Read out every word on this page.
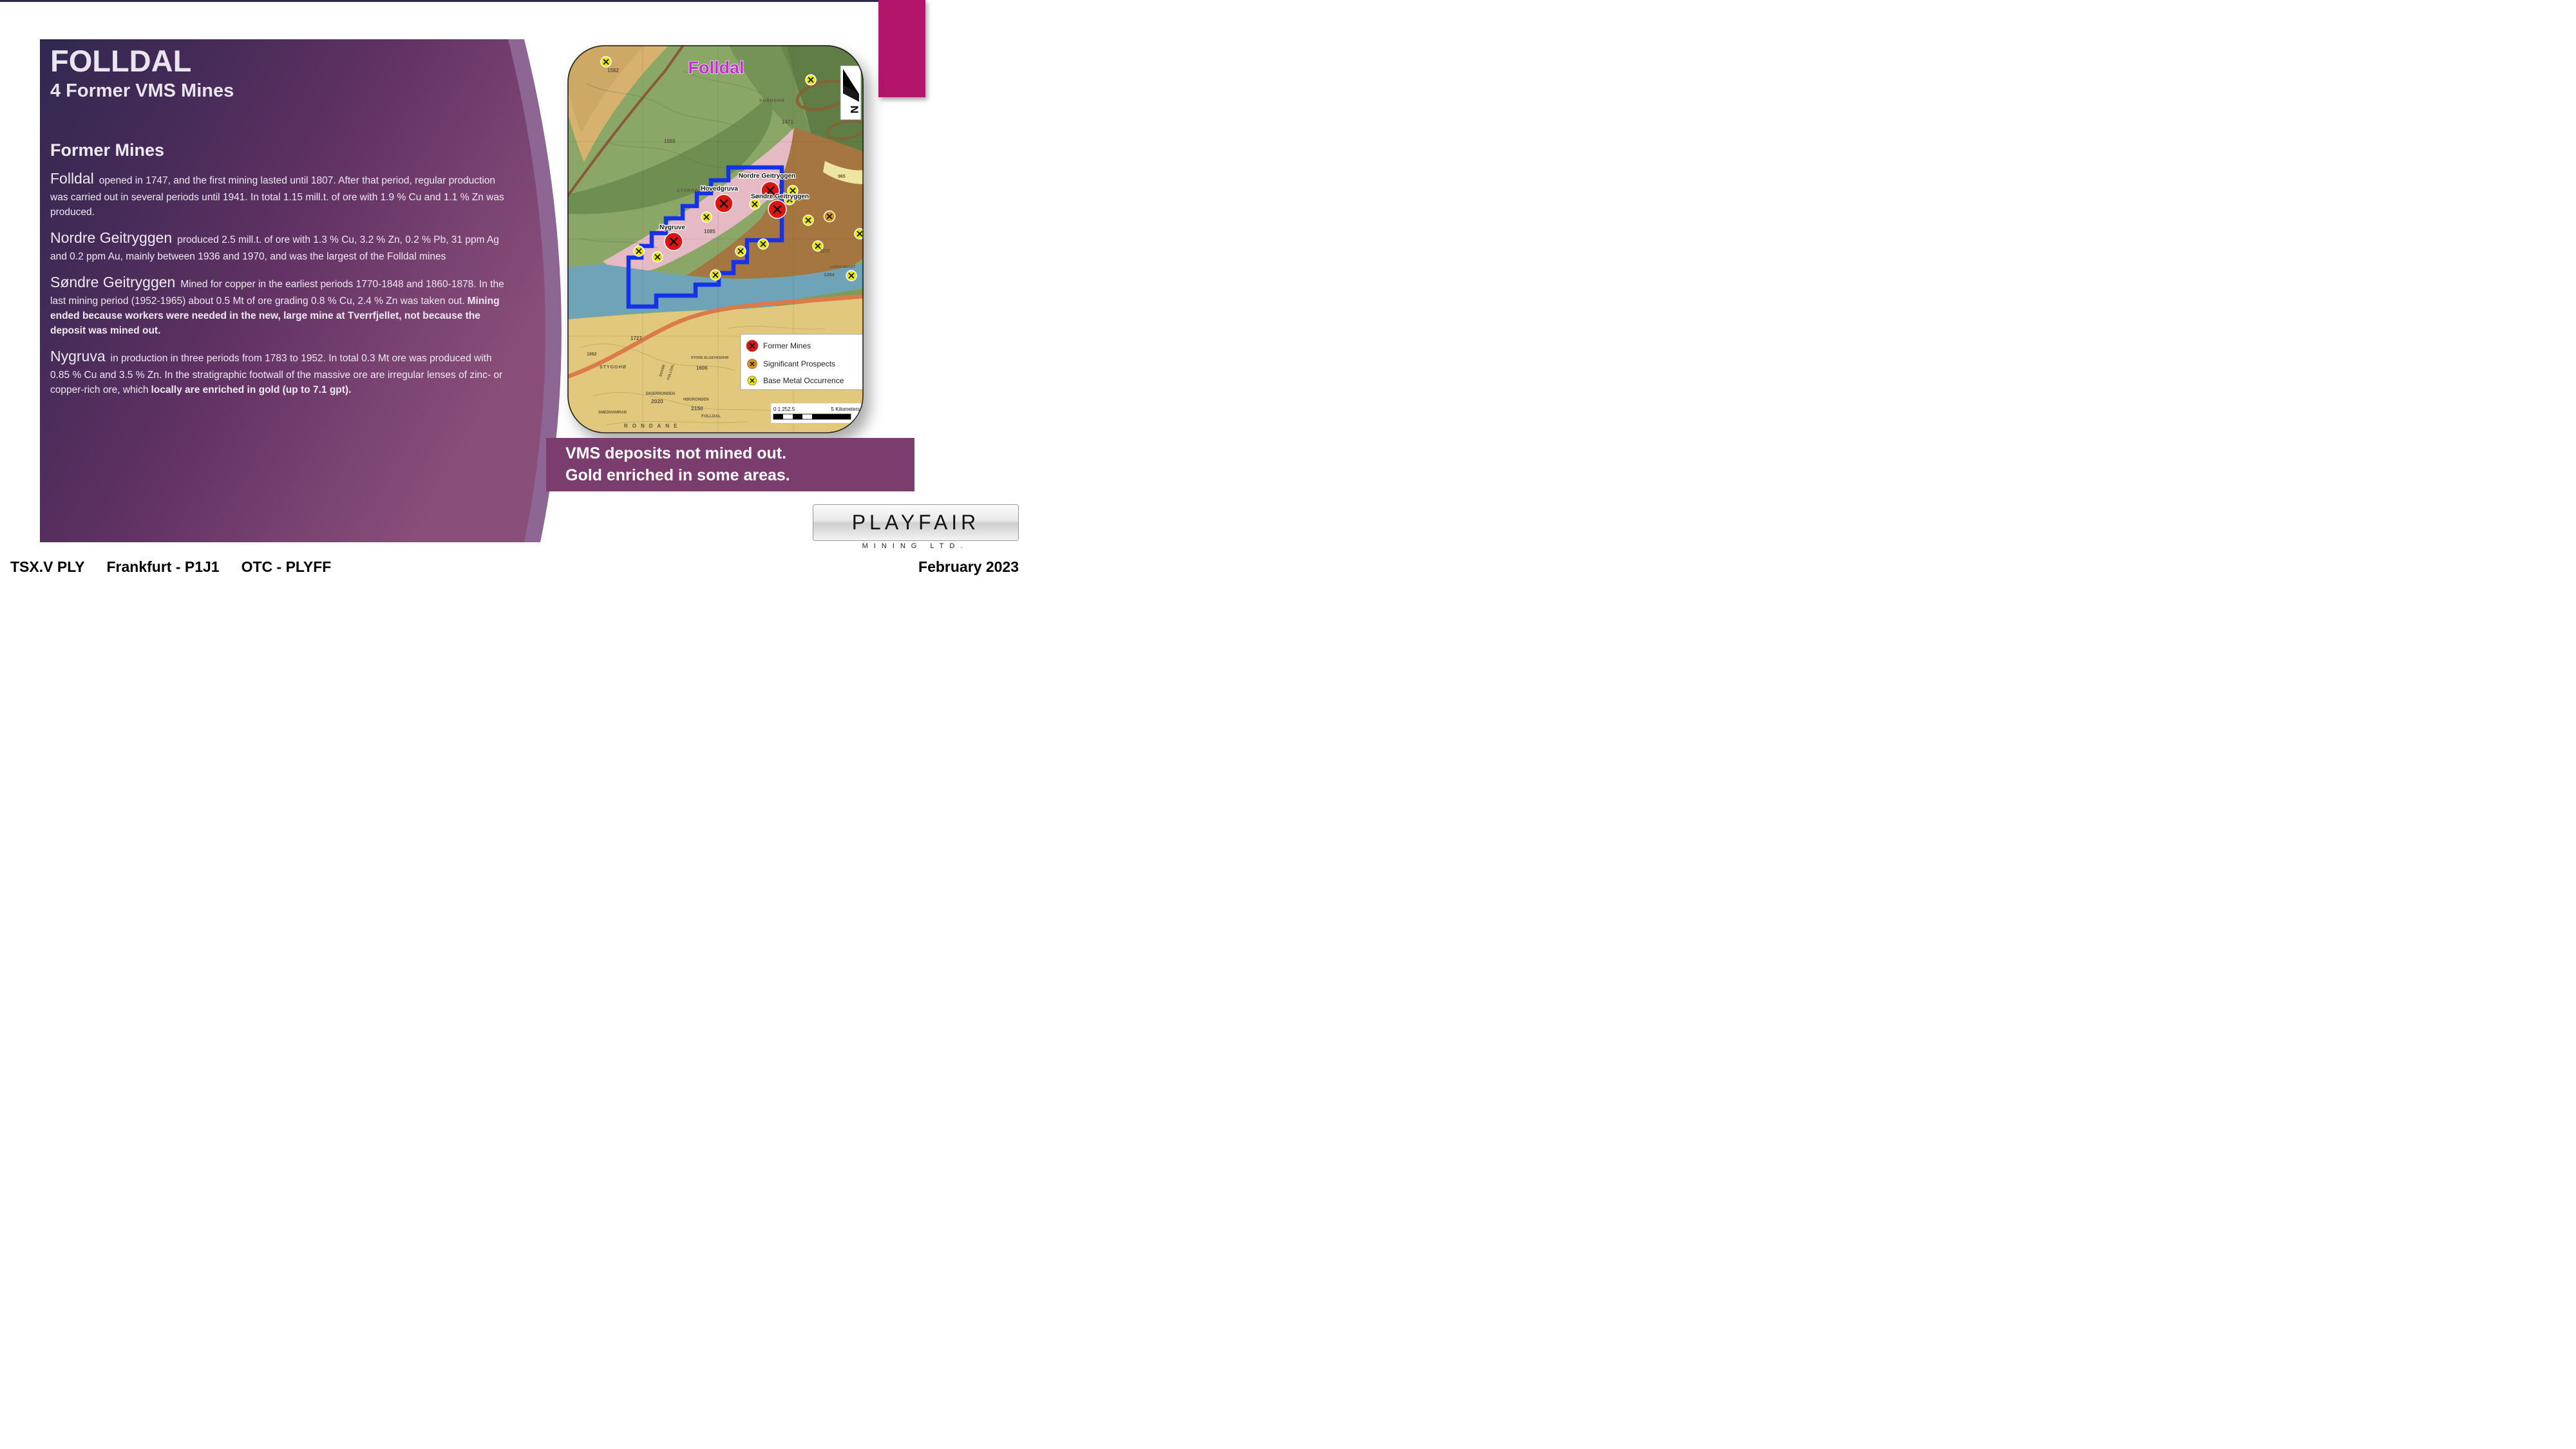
FOLLDAL
4 Former VMS Mines
Former Mines

Folldal opened in 1747, and the first mining lasted until 1807. After that period, regular production was carried out in several periods until 1941. In total 1.15 mill.t. of ore with 1.9 % Cu and 1.1 % Zn was produced.

Nordre Geitryggen produced 2.5 mill.t. of ore with 1.3 % Cu, 3.2 % Zn, 0.2 % Pb, 31 ppm Ag and 0.2 ppm Au, mainly between 1936 and 1970, and was the largest of the Folldal mines

Søndre Geitryggen Mined for copper in the earliest periods 1770-1848 and 1860-1878. In the last mining period (1952-1965) about 0.5 Mt of ore grading 0.8 % Cu, 2.4 % Zn was taken out. Mining ended because workers were needed in the new, large mine at Tverrfjellet, not because the deposit was mined out.

Nygruva in production in three periods from 1783 to 1952. In total 0.3 Mt ore was produced with 0.85 % Cu and 3.5 % Zn. In the stratigraphic footwall of the massive ore are irregular lenses of zinc- or copper-rich ore, which locally are enriched in gold (up to 7.1 gpt).

Nordre Geitryggen
Hovedgruva
Søndre Geitryggen
Nygruve
1582
SKARDHØ
1471
1555
STORHØ
1085
965
1284
1272
LANGFJELLET
1727
1862
STYGGHØ
STORE ELGEVASSHØ
1606
DIGERRONDEN
2020	HØGRONDEN
2150
FOLLDAL
SMEDHAMRAN
RONDANE
DOVRE FOLLDAL
Folldal
N
Former Mines
Significant Prospects
Base Metal Occurrence
0 1.252.5	5 Kilometers
VMS deposits not mined out.
Gold enriched in some areas.
PLAYFAIR
MINING LTD.
TSX.V PLY Frankfurt - P1J1 OTC - PLYFF	February 2023
